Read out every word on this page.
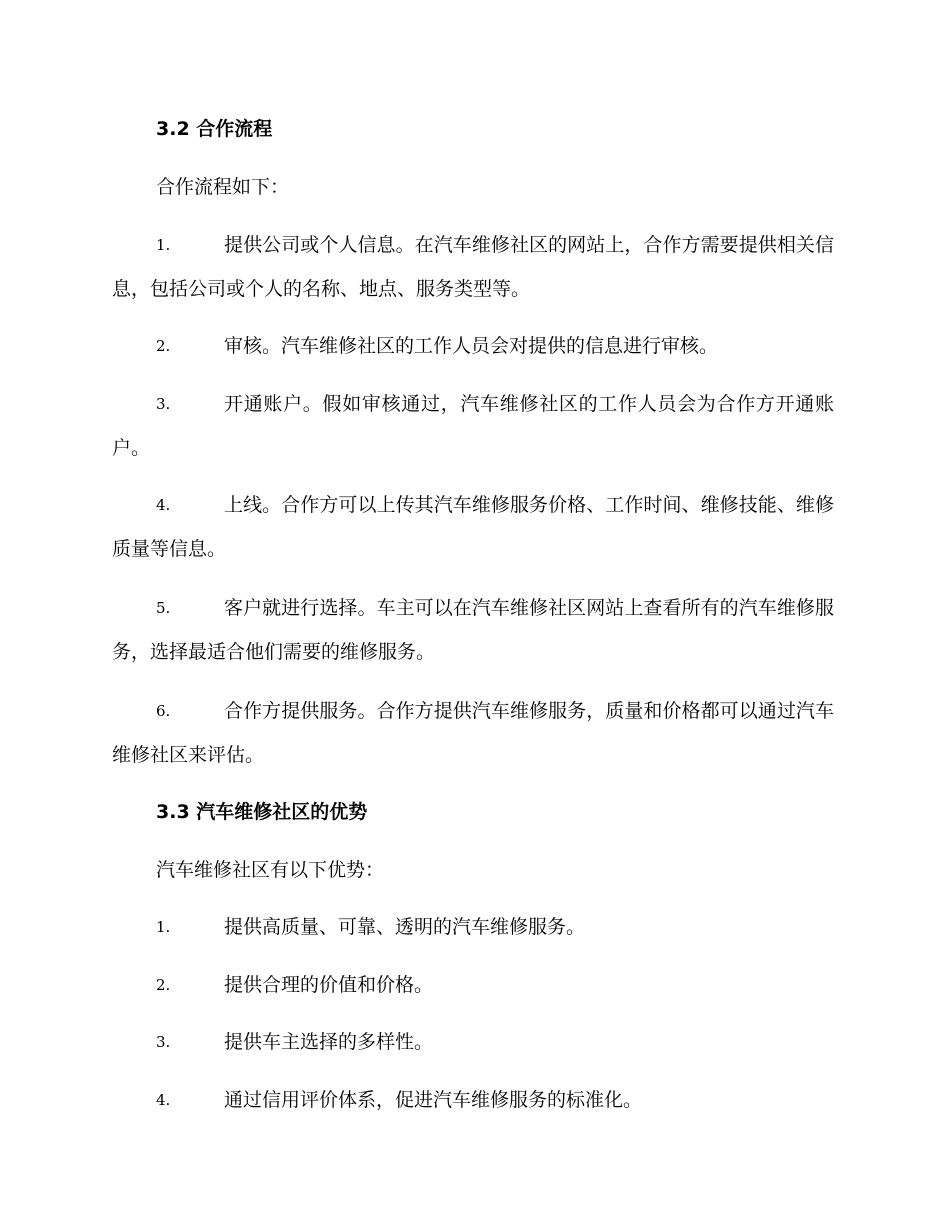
3.2 合作流程
合作流程如下：
1.	提供公司或个人信息。在汽车维修社区的网站上，合作方需要提供相关信息，包括公司或个人的名称、地点、服务类型等。
2.	审核。汽车维修社区的工作人员会对提供的信息进行审核。
3.	开通账户。假如审核通过，汽车维修社区的工作人员会为合作方开通账户。
4.	上线。合作方可以上传其汽车维修服务价格、工作时间、维修技能、维修质量等信息。
5.	客户就进行选择。车主可以在汽车维修社区网站上查看所有的汽车维修服务，选择最适合他们需要的维修服务。
6.	合作方提供服务。合作方提供汽车维修服务，质量和价格都可以通过汽车维修社区来评估。
3.3 汽车维修社区的优势
汽车维修社区有以下优势：
1.	提供高质量、可靠、透明的汽车维修服务。
2.	提供合理的价值和价格。
3.	提供车主选择的多样性。
4.	通过信用评价体系，促进汽车维修服务的标准化。
